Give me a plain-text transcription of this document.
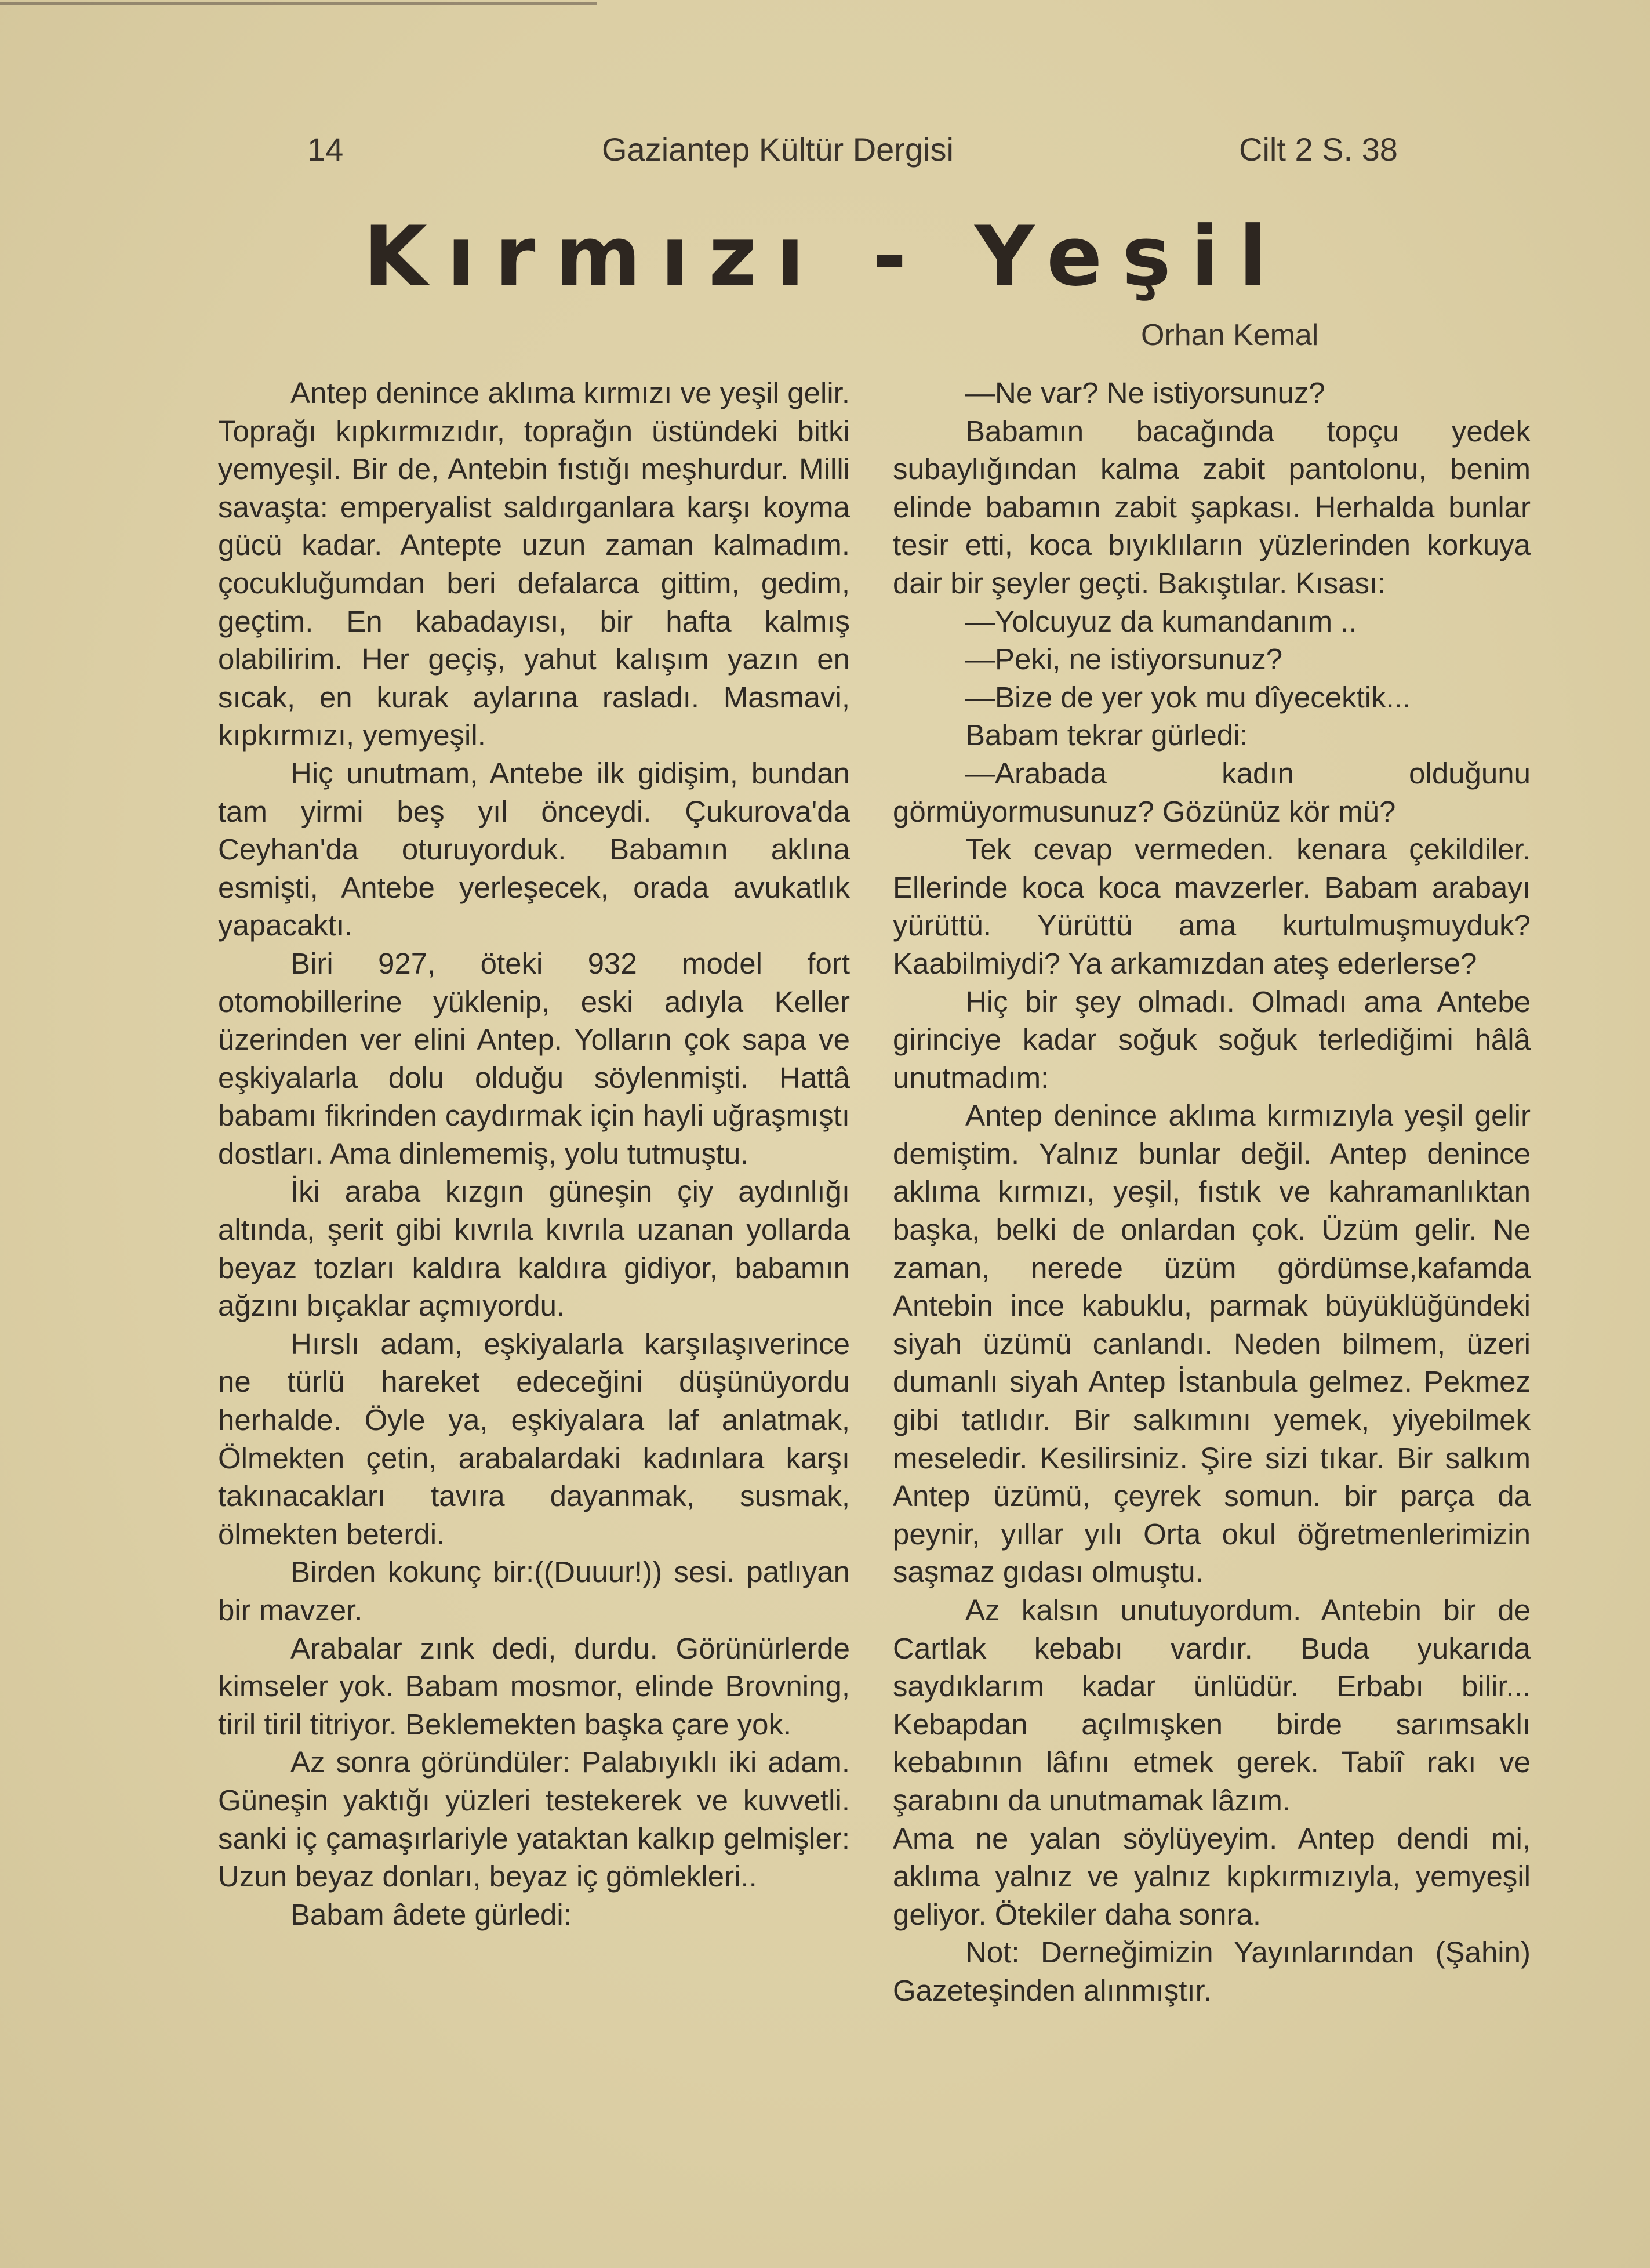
14	Gaziantep Kültür Dergisi	Cilt 2 S. 38
Kırmızı - Yeşil
Orhan Kemal

Antep denince aklıma kırmızı ve yeşil gelir. Toprağı kıpkırmızıdır, toprağın üstündeki bitki yemyeşil. Bir de, Antebin fıstığı meşhurdur. Milli savaşta: emperyalist saldırganlara karşı koyma gücü kadar. Antepte uzun zaman kalmadım. çocukluğumdan beri defalarca gittim, gedim, geçtim. En kabadayısı, bir hafta kalmış olabilirim. Her geçiş, yahut kalışım yazın en sıcak, en kurak aylarına rasladı. Masmavi, kıpkırmızı, yemyeşil.

Hiç unutmam, Antebe ilk gidişim, bundan tam yirmi beş yıl önceydi. Çukurova'da Ceyhan'da oturuyorduk. Babamın aklına esmişti, Antebe yerleşecek, orada avukatlık yapacaktı.

Biri 927, öteki 932 model fort otomobillerine yüklenip, eski adıyla Keller üzerinden ver elini Antep. Yolların çok sapa ve eşkiyalarla dolu olduğu söylenmişti. Hattâ babamı fikrinden caydırmak için hayli uğraşmıştı dostları. Ama dinlememiş, yolu tutmuştu.

İki araba kızgın güneşin çiy aydınlığı altında, şerit gibi kıvrıla kıvrıla uzanan yollarda beyaz tozları kaldıra kaldıra gidiyor, babamın ağzını bıçaklar açmıyordu.

Hırslı adam, eşkiyalarla karşılaşıverince ne türlü hareket edeceğini düşünüyordu herhalde. Öyle ya, eşkiyalara laf anlatmak, Ölmekten çetin, arabalardaki kadınlara karşı takınacakları tavıra dayanmak, susmak, ölmekten beterdi.

Birden kokunç bir:((Duuur!)) sesi. patlıyan bir mavzer.

Arabalar zınk dedi, durdu. Görünürlerde kimseler yok. Babam mosmor, elinde Brovning, tiril tiril titriyor. Beklemekten başka çare yok.

Az sonra göründüler: Palabıyıklı iki adam. Güneşin yaktığı yüzleri testekerek ve kuvvetli. sanki iç çamaşırlariyle yataktan kalkıp gelmişler: Uzun beyaz donları, beyaz iç gömlekleri..

Babam âdete gürledi:

—Ne var? Ne istiyorsunuz?

Babamın bacağında topçu yedek subaylığından kalma zabit pantolonu, benim elinde babamın zabit şapkası. Herhalda bunlar tesir etti, koca bıyıklıların yüzlerinden korkuya dair bir şeyler geçti. Bakıştılar. Kısası:

—Yolcuyuz da kumandanım ..

—Peki, ne istiyorsunuz?

—Bize de yer yok mu dîyecektik...

Babam tekrar gürledi:

—Arabada kadın olduğunu görmüyormusunuz? Gözünüz kör mü?

Tek cevap vermeden. kenara çekildiler. Ellerinde koca koca mavzerler. Babam arabayı yürüttü. Yürüttü ama kurtulmuşmuyduk? Kaabilmiydi? Ya arkamızdan ateş ederlerse?

Hiç bir şey olmadı. Olmadı ama Antebe girinciye kadar soğuk soğuk terlediğimi hâlâ unutmadım:

Antep denince aklıma kırmızıyla yeşil gelir demiştim. Yalnız bunlar değil. Antep denince aklıma kırmızı, yeşil, fıstık ve kahramanlıktan başka, belki de onlardan çok. Üzüm gelir. Ne zaman, nerede üzüm gördümse,kafamda Antebin ince kabuklu, parmak büyüklüğündeki siyah üzümü canlandı. Neden bilmem, üzeri dumanlı siyah Antep İstanbula gelmez. Pekmez gibi tatlıdır. Bir salkımını yemek, yiyebilmek meseledir. Kesilirsiniz. Şire sizi tıkar. Bir salkım Antep üzümü, çeyrek somun. bir parça da peynir, yıllar yılı Orta okul öğretmenlerimizin saşmaz gıdası olmuştu.

Az kalsın unutuyordum. Antebin bir de Cartlak kebabı vardır. Buda yukarıda saydıklarım kadar ünlüdür. Erbabı bilir... Kebapdan açılmışken birde sarımsaklı kebabının lâfını etmek gerek. Tabiî rakı ve şarabını da unutmamak lâzım.

Ama ne yalan söylüyeyim. Antep dendi mi, aklıma yalnız ve yalnız kıpkırmızıyla, yemyeşil geliyor. Ötekiler daha sonra.

Not: Derneğimizin Yayınlarından (Şahin) Gazeteşinden alınmıştır.
